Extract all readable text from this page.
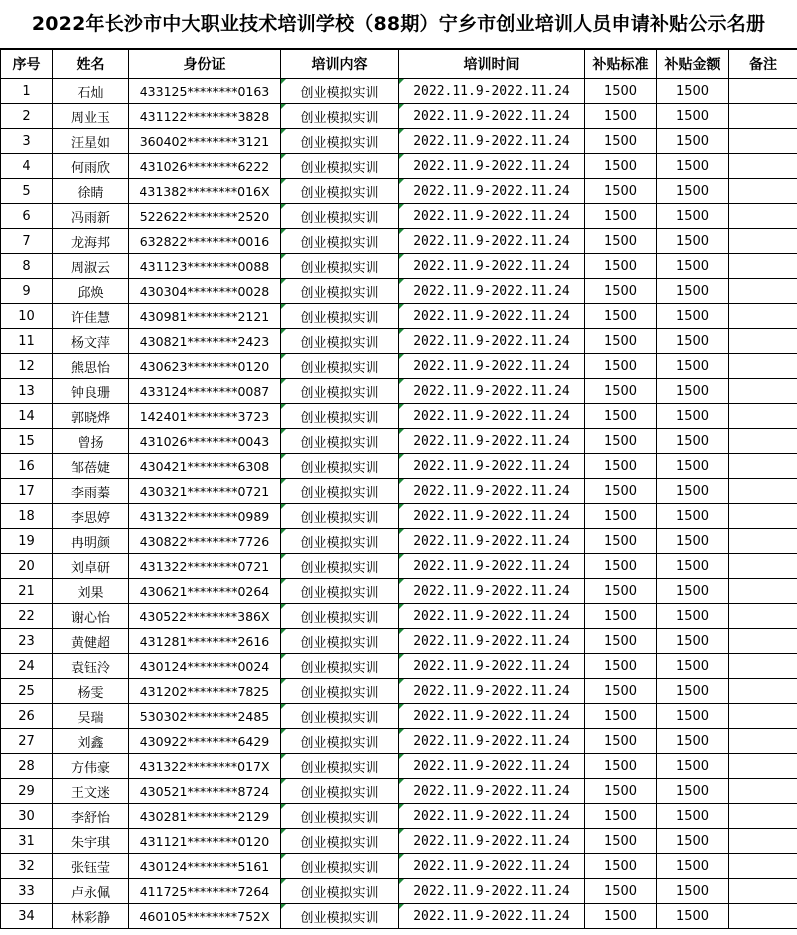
2022年长沙市中大职业技术培训学校（88期）宁乡市创业培训人员申请补贴公示名册
序号	姓名	身份证	培训内容	培训时间	补贴标准	补贴金额	备注
1	石灿	433125********0163	创业模拟实训	2022.11.9-2022.11.24	1500	1500	
2	周业玉	431122********3828	创业模拟实训	2022.11.9-2022.11.24	1500	1500	
3	汪星如	360402********3121	创业模拟实训	2022.11.9-2022.11.24	1500	1500	
4	何雨欣	431026********6222	创业模拟实训	2022.11.9-2022.11.24	1500	1500	
5	徐睛	431382********016X	创业模拟实训	2022.11.9-2022.11.24	1500	1500	
6	冯雨新	522622********2520	创业模拟实训	2022.11.9-2022.11.24	1500	1500	
7	龙海邦	632822********0016	创业模拟实训	2022.11.9-2022.11.24	1500	1500	
8	周淑云	431123********0088	创业模拟实训	2022.11.9-2022.11.24	1500	1500	
9	邱焕	430304********0028	创业模拟实训	2022.11.9-2022.11.24	1500	1500	
10	许佳慧	430981********2121	创业模拟实训	2022.11.9-2022.11.24	1500	1500	
11	杨文萍	430821********2423	创业模拟实训	2022.11.9-2022.11.24	1500	1500	
12	熊思怡	430623********0120	创业模拟实训	2022.11.9-2022.11.24	1500	1500	
13	钟良珊	433124********0087	创业模拟实训	2022.11.9-2022.11.24	1500	1500	
14	郭晓烨	142401********3723	创业模拟实训	2022.11.9-2022.11.24	1500	1500	
15	曾扬	431026********0043	创业模拟实训	2022.11.9-2022.11.24	1500	1500	
16	邹蓓婕	430421********6308	创业模拟实训	2022.11.9-2022.11.24	1500	1500	
17	李雨蓁	430321********0721	创业模拟实训	2022.11.9-2022.11.24	1500	1500	
18	李思婷	431322********0989	创业模拟实训	2022.11.9-2022.11.24	1500	1500	
19	冉明颜	430822********7726	创业模拟实训	2022.11.9-2022.11.24	1500	1500	
20	刘卓研	431322********0721	创业模拟实训	2022.11.9-2022.11.24	1500	1500	
21	刘果	430621********0264	创业模拟实训	2022.11.9-2022.11.24	1500	1500	
22	谢心怡	430522********386X	创业模拟实训	2022.11.9-2022.11.24	1500	1500	
23	黄健超	431281********2616	创业模拟实训	2022.11.9-2022.11.24	1500	1500	
24	袁钰泠	430124********0024	创业模拟实训	2022.11.9-2022.11.24	1500	1500	
25	杨雯	431202********7825	创业模拟实训	2022.11.9-2022.11.24	1500	1500	
26	吴瑞	530302********2485	创业模拟实训	2022.11.9-2022.11.24	1500	1500	
27	刘鑫	430922********6429	创业模拟实训	2022.11.9-2022.11.24	1500	1500	
28	方伟豪	431322********017X	创业模拟实训	2022.11.9-2022.11.24	1500	1500	
29	王文迷	430521********8724	创业模拟实训	2022.11.9-2022.11.24	1500	1500	
30	李舒怡	430281********2129	创业模拟实训	2022.11.9-2022.11.24	1500	1500	
31	朱宇琪	431121********0120	创业模拟实训	2022.11.9-2022.11.24	1500	1500	
32	张钰莹	430124********5161	创业模拟实训	2022.11.9-2022.11.24	1500	1500	
33	卢永佩	411725********7264	创业模拟实训	2022.11.9-2022.11.24	1500	1500	
34	林彩静	460105********752X	创业模拟实训	2022.11.9-2022.11.24	1500	1500	
